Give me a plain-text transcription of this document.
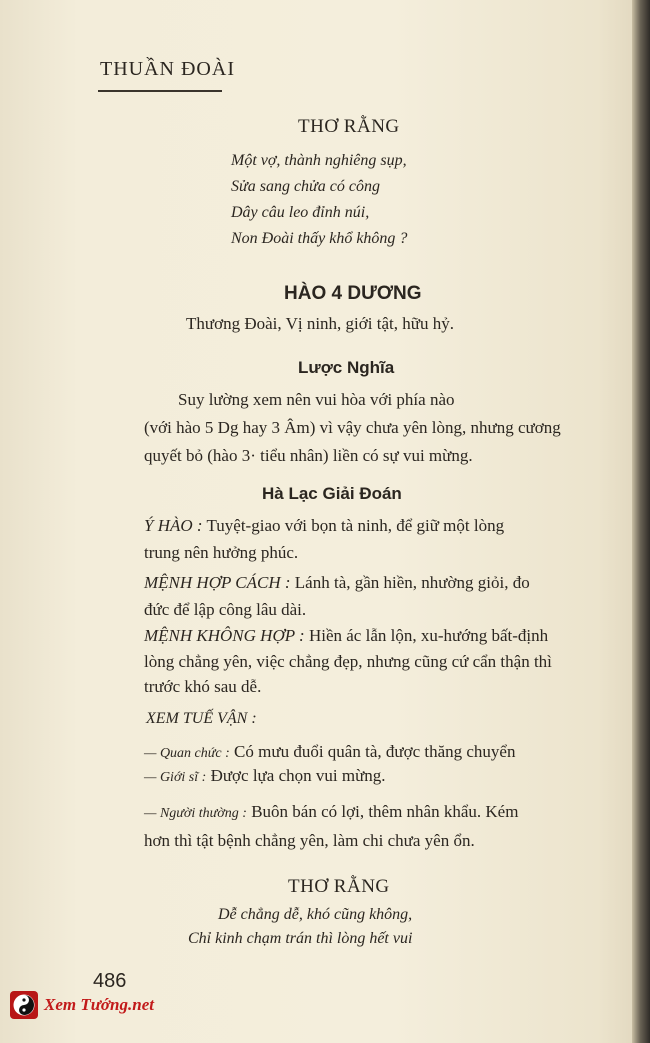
THUẦN ĐOÀI
THƠ RẰNG
Một vợ, thành nghiêng sụp,
Sửa sang chửa có công
Dây câu leo đỉnh núi,
Non Đoài thấy khổ không ?
HÀO 4 DƯƠNG
Thương Đoài, Vị ninh, giới tật, hữu hỷ.
Lược Nghĩa
Suy lường xem nên vui hòa với phía nào
(với hào 5 Dg hay 3 Âm) vì vậy chưa yên lòng, nhưng cương
quyết bỏ (hào 3· tiểu nhân) liền có sự vui mừng.
Hà Lạc Giải Đoán
Ý HÀO : Tuyệt-giao với bọn tà ninh, để giữ một lòng
trung nên hưởng phúc.
MỆNH HỢP CÁCH : Lánh tà, gần hiền, nhường giỏi, đo
đức để lập công lâu dài.
MỆNH KHÔNG HỢP : Hiền ác lẫn lộn, xu-hướng bất-định
lòng chẳng yên, việc chẳng đẹp, nhưng cũng cứ cẩn thận thì
trước khó sau dễ.
XEM TUẾ VẬN :
— Quan chức : Có mưu đuổi quân tà, được thăng chuyển
— Giới sĩ : Được lựa chọn vui mừng.
— Người thường : Buôn bán có lợi, thêm nhân khẩu. Kém
hơn thì tật bệnh chẳng yên, làm chi chưa yên ổn.
THƠ RẰNG
Dễ chẳng dễ, khó cũng không,
Chỉ kinh chạm trán thì lòng hết vui
486
Xem Tướng.net
